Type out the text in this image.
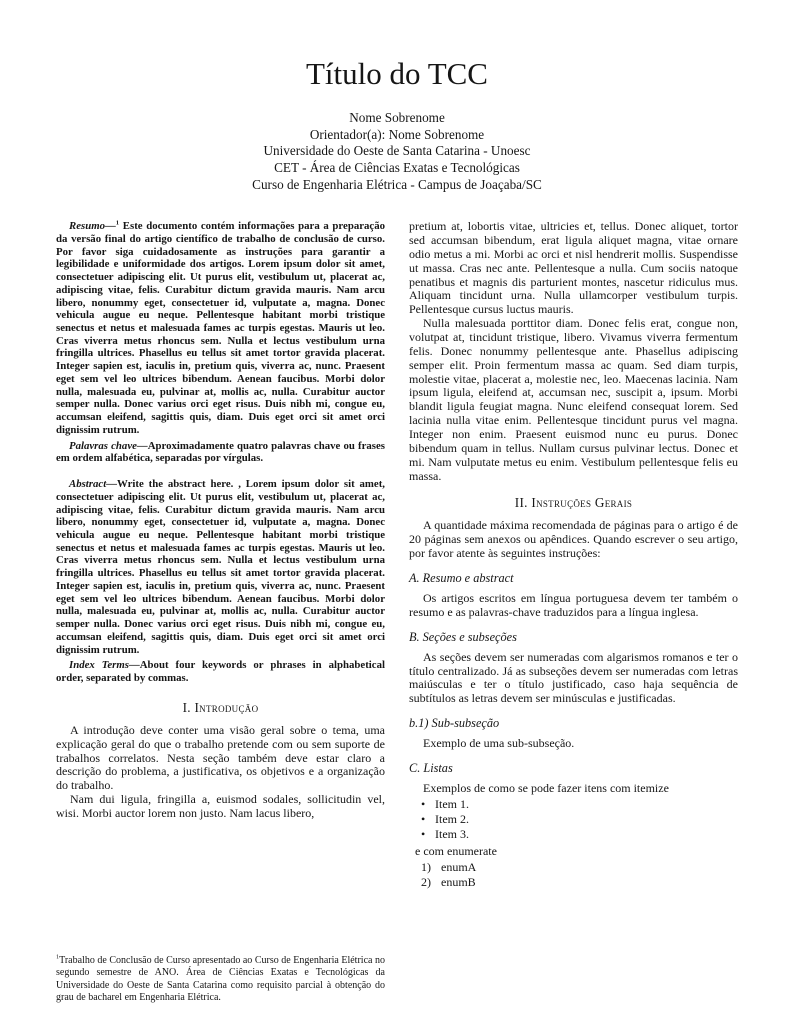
Título do TCC
Nome Sobrenome
Orientador(a): Nome Sobrenome
Universidade do Oeste de Santa Catarina - Unoesc
CET - Área de Ciências Exatas e Tecnológicas
Curso de Engenharia Elétrica - Campus de Joaçaba/SC

Resumo—$^1$ Este documento contém informações para a preparação da versão final do artigo científico de trabalho de conclusão de curso. Por favor siga cuidadosamente as instruções para garantir a legibilidade e uniformidade dos artigos. Lorem ipsum dolor sit amet, consectetuer adipiscing elit. Ut purus elit, vestibulum ut, placerat ac, adipiscing vitae, felis. Curabitur dictum gravida mauris. Nam arcu libero, nonummy eget, consectetuer id, vulputate a, magna. Donec vehicula augue eu neque. Pellentesque habitant morbi tristique senectus et netus et malesuada fames ac turpis egestas. Mauris ut leo. Cras viverra metus rhoncus sem. Nulla et lectus vestibulum urna fringilla ultrices. Phasellus eu tellus sit amet tortor gravida placerat. Integer sapien est, iaculis in, pretium quis, viverra ac, nunc. Praesent eget sem vel leo ultrices bibendum. Aenean faucibus. Morbi dolor nulla, malesuada eu, pulvinar at, mollis ac, nulla. Curabitur auctor semper nulla. Donec varius orci eget risus. Duis nibh mi, congue eu, accumsan eleifend, sagittis quis, diam. Duis eget orci sit amet orci dignissim rutrum.

Palavras chave—Aproximadamente quatro palavras chave ou frases em ordem alfabética, separadas por vírgulas.

Abstract—Write the abstract here. , Lorem ipsum dolor sit amet, consectetuer adipiscing elit. Ut purus elit, vestibulum ut, placerat ac, adipiscing vitae, felis. Curabitur dictum gravida mauris. Nam arcu libero, nonummy eget, consectetuer id, vulputate a, magna. Donec vehicula augue eu neque. Pellentesque habitant morbi tristique senectus et netus et malesuada fames ac turpis egestas. Mauris ut leo. Cras viverra metus rhoncus sem. Nulla et lectus vestibulum urna fringilla ultrices. Phasellus eu tellus sit amet tortor gravida placerat. Integer sapien est, iaculis in, pretium quis, viverra ac, nunc. Praesent eget sem vel leo ultrices bibendum. Aenean faucibus. Morbi dolor nulla, malesuada eu, pulvinar at, mollis ac, nulla. Curabitur auctor semper nulla. Donec varius orci eget risus. Duis nibh mi, congue eu, accumsan eleifend, sagittis quis, diam. Duis eget orci sit amet orci dignissim rutrum.

Index Terms—About four keywords or phrases in alphabetical order, separated by commas.

I. Introdução

A introdução deve conter uma visão geral sobre o tema, uma explicação geral do que o trabalho pretende com ou sem suporte de trabalhos correlatos. Nesta seção também deve estar claro a descrição do problema, a justificativa, os objetivos e a organização do trabalho.

Nam dui ligula, fringilla a, euismod sodales, sollicitudin vel, wisi. Morbi auctor lorem non justo. Nam lacus libero,

$^1$Trabalho de Conclusão de Curso apresentado ao Curso de Engenharia Elétrica no segundo semestre de ANO. Área de Ciências Exatas e Tecnológicas da Universidade do Oeste de Santa Catarina como requisito parcial à obtenção do grau de bacharel em Engenharia Elétrica.

pretium at, lobortis vitae, ultricies et, tellus. Donec aliquet, tortor sed accumsan bibendum, erat ligula aliquet magna, vitae ornare odio metus a mi. Morbi ac orci et nisl hendrerit mollis. Suspendisse ut massa. Cras nec ante. Pellentesque a nulla. Cum sociis natoque penatibus et magnis dis parturient montes, nascetur ridiculus mus. Aliquam tincidunt urna. Nulla ullamcorper vestibulum turpis. Pellentesque cursus luctus mauris.

Nulla malesuada porttitor diam. Donec felis erat, congue non, volutpat at, tincidunt tristique, libero. Vivamus viverra fermentum felis. Donec nonummy pellentesque ante. Phasellus adipiscing semper elit. Proin fermentum massa ac quam. Sed diam turpis, molestie vitae, placerat a, molestie nec, leo. Maecenas lacinia. Nam ipsum ligula, eleifend at, accumsan nec, suscipit a, ipsum. Morbi blandit ligula feugiat magna. Nunc eleifend consequat lorem. Sed lacinia nulla vitae enim. Pellentesque tincidunt purus vel magna. Integer non enim. Praesent euismod nunc eu purus. Donec bibendum quam in tellus. Nullam cursus pulvinar lectus. Donec et mi. Nam vulputate metus eu enim. Vestibulum pellentesque felis eu massa.

II. Instruções Gerais

A quantidade máxima recomendada de páginas para o artigo é de 20 páginas sem anexos ou apêndices. Quando escrever o seu artigo, por favor atente às seguintes instruções:

A. Resumo e abstract

Os artigos escritos em língua portuguesa devem ter também o resumo e as palavras-chave traduzidos para a língua inglesa.

B. Seções e subseções

As seções devem ser numeradas com algarismos romanos e ter o título centralizado. Já as subseções devem ser numeradas com letras maiúsculas e ter o título justificado, caso haja sequência de subtítulos as letras devem ser minúsculas e justificadas.

b.1) Sub-subseção

Exemplo de uma sub-subseção.

C. Listas

Exemplos de como se pode fazer itens com itemize

• Item 1.
• Item 2.
• Item 3.

e com enumerate

1) enumA
2) enumB
